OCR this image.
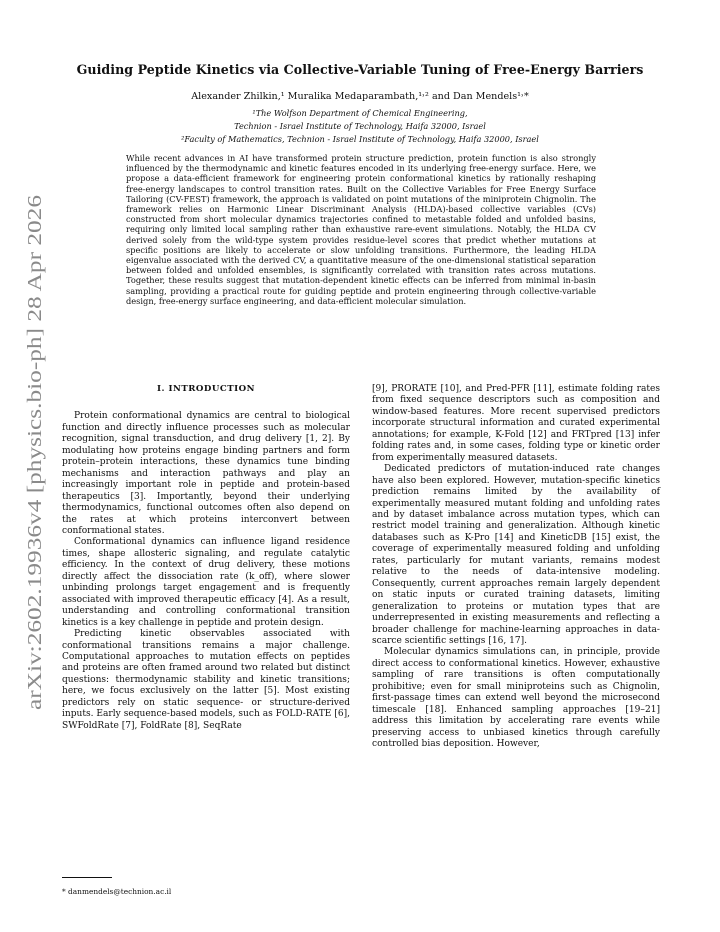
arXiv:2602.19936v4 [physics.bio-ph] 28 Apr 2026
Guiding Peptide Kinetics via Collective-Variable Tuning of Free-Energy Barriers
Alexander Zhilkin,¹ Muralika Medaparambath,¹˒² and Dan Mendels¹˒*
¹The Wolfson Department of Chemical Engineering,
Technion - Israel Institute of Technology, Haifa 32000, Israel
²Faculty of Mathematics, Technion - Israel Institute of Technology, Haifa 32000, Israel
While recent advances in AI have transformed protein structure prediction, protein function is also strongly influenced by the thermodynamic and kinetic features encoded in its underlying free-energy surface. Here, we propose a data-efficient framework for engineering protein conformational kinetics by rationally reshaping free-energy landscapes to control transition rates. Built on the Collective Variables for Free Energy Surface Tailoring (CV-FEST) framework, the approach is validated on point mutations of the miniprotein Chignolin. The framework relies on Harmonic Linear Discriminant Analysis (HLDA)-based collective variables (CVs) constructed from short molecular dynamics trajectories confined to metastable folded and unfolded basins, requiring only limited local sampling rather than exhaustive rare-event simulations. Notably, the HLDA CV derived solely from the wild-type system provides residue-level scores that predict whether mutations at specific positions are likely to accelerate or slow unfolding transitions. Furthermore, the leading HLDA eigenvalue associated with the derived CV, a quantitative measure of the one-dimensional statistical separation between folded and unfolded ensembles, is significantly correlated with transition rates across mutations. Together, these results suggest that mutation-dependent kinetic effects can be inferred from minimal in-basin sampling, providing a practical route for guiding peptide and protein engineering through collective-variable design, free-energy surface engineering, and data-efficient molecular simulation.
I. INTRODUCTION

Protein conformational dynamics are central to biological function and directly influence processes such as molecular recognition, signal transduction, and drug delivery [1, 2]. By modulating how proteins engage binding partners and form protein–protein interactions, these dynamics tune binding mechanisms and interaction pathways and play an increasingly important role in peptide and protein-based therapeutics [3]. Importantly, beyond their underlying thermodynamics, functional outcomes often also depend on the rates at which proteins interconvert between conformational states.

Conformational dynamics can influence ligand residence times, shape allosteric signaling, and regulate catalytic efficiency. In the context of drug delivery, these motions directly affect the dissociation rate (k_off), where slower unbinding prolongs target engagement and is frequently associated with improved therapeutic efficacy [4]. As a result, understanding and controlling conformational transition kinetics is a key challenge in peptide and protein design.

Predicting kinetic observables associated with conformational transitions remains a major challenge. Computational approaches to mutation effects on peptides and proteins are often framed around two related but distinct questions: thermodynamic stability and kinetic transitions; here, we focus exclusively on the latter [5]. Most existing predictors rely on static sequence- or structure-derived inputs. Early sequence-based models, such as FOLD-RATE [6], SWFoldRate [7], FoldRate [8], SeqRate

[9], PRORATE [10], and Pred-PFR [11], estimate folding rates from fixed sequence descriptors such as composition and window-based features. More recent supervised predictors incorporate structural information and curated experimental annotations; for example, K-Fold [12] and FRTpred [13] infer folding rates and, in some cases, folding type or kinetic order from experimentally measured datasets.

Dedicated predictors of mutation-induced rate changes have also been explored. However, mutation-specific kinetics prediction remains limited by the availability of experimentally measured mutant folding and unfolding rates and by dataset imbalance across mutation types, which can restrict model training and generalization. Although kinetic databases such as K-Pro [14] and KineticDB [15] exist, the coverage of experimentally measured folding and unfolding rates, particularly for mutant variants, remains modest relative to the needs of data-intensive modeling. Consequently, current approaches remain largely dependent on static inputs or curated training datasets, limiting generalization to proteins or mutation types that are underrepresented in existing measurements and reflecting a broader challenge for machine-learning approaches in data-scarce scientific settings [16, 17].

Molecular dynamics simulations can, in principle, provide direct access to conformational kinetics. However, exhaustive sampling of rare transitions is often computationally prohibitive; even for small miniproteins such as Chignolin, first-passage times can extend well beyond the microsecond timescale [18]. Enhanced sampling approaches [19–21] address this limitation by accelerating rare events while preserving access to unbiased kinetics through carefully controlled bias deposition. However,

* danmendels@technion.ac.il
